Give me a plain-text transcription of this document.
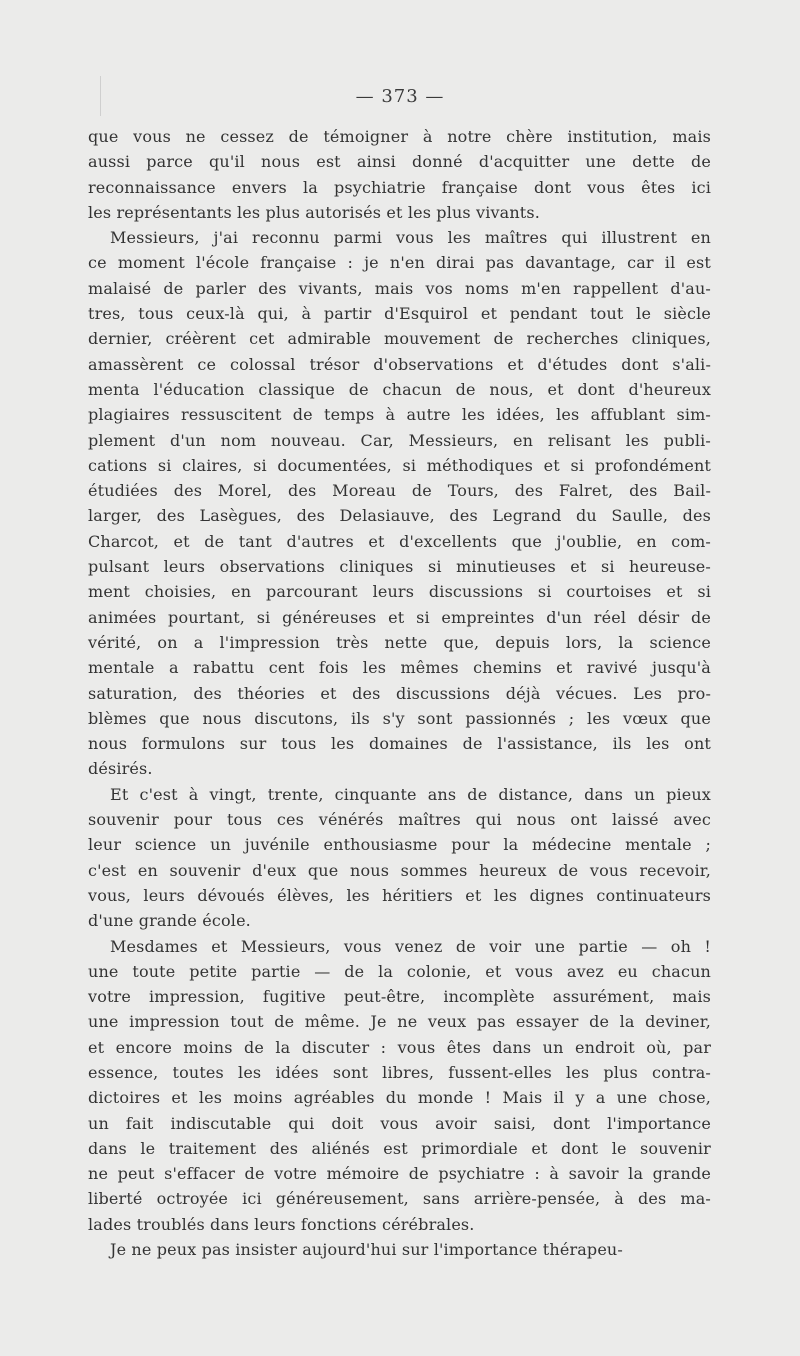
— 373 —
que vous ne cessez de témoigner à notre chère institution, mais
aussi parce qu'il nous est ainsi donné d'acquitter une dette de
reconnaissance envers la psychiatrie française dont vous êtes ici
les représentants les plus autorisés et les plus vivants.
Messieurs, j'ai reconnu parmi vous les maîtres qui illustrent en
ce moment l'école française : je n'en dirai pas davantage, car il est
malaisé de parler des vivants, mais vos noms m'en rappellent d'au-
tres, tous ceux-là qui, à partir d'Esquirol et pendant tout le siècle
dernier, créèrent cet admirable mouvement de recherches cliniques,
amassèrent ce colossal trésor d'observations et d'études dont s'ali-
menta l'éducation classique de chacun de nous, et dont d'heureux
plagiaires ressuscitent de temps à autre les idées, les affublant sim-
plement d'un nom nouveau. Car, Messieurs, en relisant les publi-
cations si claires, si documentées, si méthodiques et si profondément
étudiées des Morel, des Moreau de Tours, des Falret, des Bail-
larger, des Lasègues, des Delasiauve, des Legrand du Saulle, des
Charcot, et de tant d'autres et d'excellents que j'oublie, en com-
pulsant leurs observations cliniques si minutieuses et si heureuse-
ment choisies, en parcourant leurs discussions si courtoises et si
animées pourtant, si généreuses et si empreintes d'un réel désir de
vérité, on a l'impression très nette que, depuis lors, la science
mentale a rabattu cent fois les mêmes chemins et ravivé jusqu'à
saturation, des théories et des discussions déjà vécues. Les pro-
blèmes que nous discutons, ils s'y sont passionnés ; les vœux que
nous formulons sur tous les domaines de l'assistance, ils les ont
désirés.
Et c'est à vingt, trente, cinquante ans de distance, dans un pieux
souvenir pour tous ces vénérés maîtres qui nous ont laissé avec
leur science un juvénile enthousiasme pour la médecine mentale ;
c'est en souvenir d'eux que nous sommes heureux de vous recevoir,
vous, leurs dévoués élèves, les héritiers et les dignes continuateurs
d'une grande école.
Mesdames et Messieurs, vous venez de voir une partie — oh !
une toute petite partie — de la colonie, et vous avez eu chacun
votre impression, fugitive peut-être, incomplète assurément, mais
une impression tout de même. Je ne veux pas essayer de la deviner,
et encore moins de la discuter : vous êtes dans un endroit où, par
essence, toutes les idées sont libres, fussent-elles les plus contra-
dictoires et les moins agréables du monde ! Mais il y a une chose,
un fait indiscutable qui doit vous avoir saisi, dont l'importance
dans le traitement des aliénés est primordiale et dont le souvenir
ne peut s'effacer de votre mémoire de psychiatre : à savoir la grande
liberté octroyée ici généreusement, sans arrière-pensée, à des ma-
lades troublés dans leurs fonctions cérébrales.
Je ne peux pas insister aujourd'hui sur l'importance thérapeu-
